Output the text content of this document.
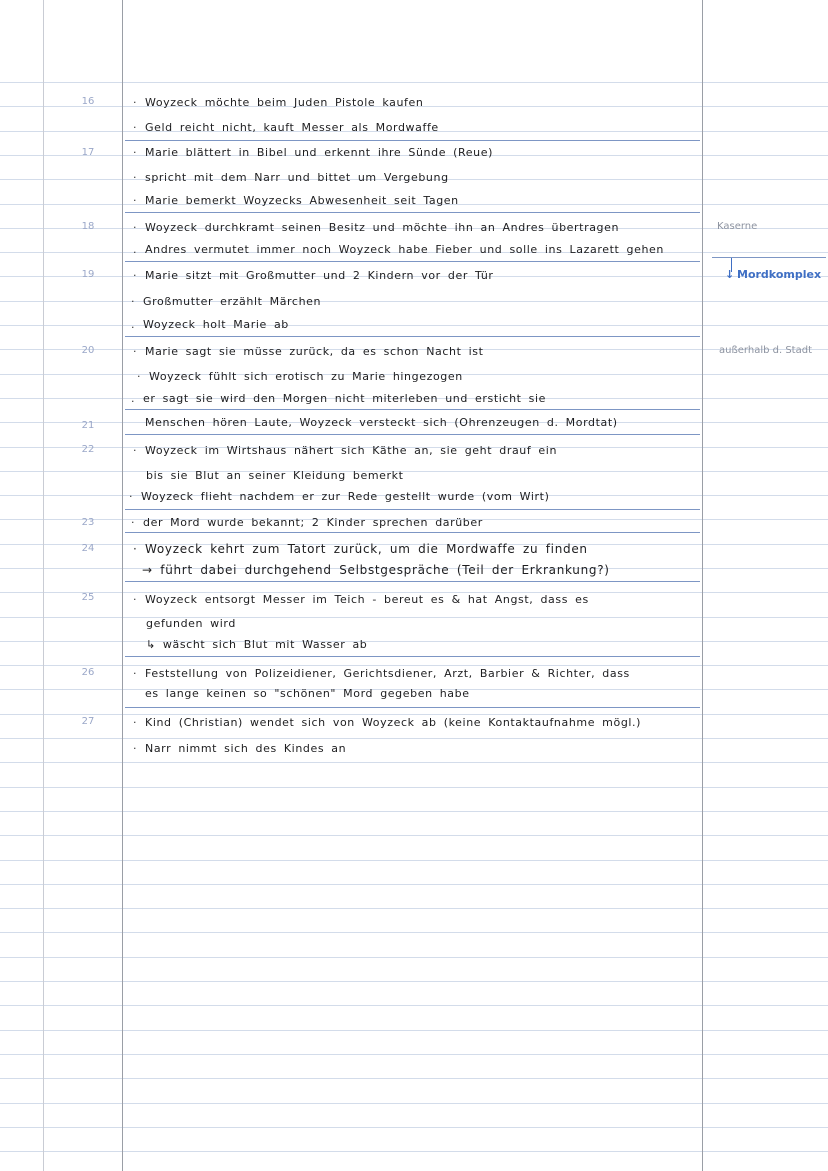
16
17
18
19
20
21
22
23
24
25
26
27
· Woyzeck möchte beim Juden Pistole kaufen
· Geld reicht nicht, kauft Messer als Mordwaffe
· Marie blättert in Bibel und erkennt ihre Sünde (Reue)
· spricht mit dem Narr und bittet um Vergebung
· Marie bemerkt Woyzecks Abwesenheit seit Tagen
· Woyzeck durchkramt seinen Besitz und möchte ihn an Andres übertragen
. Andres vermutet immer noch Woyzeck habe Fieber und solle ins Lazarett gehen
· Marie sitzt mit Großmutter und 2 Kindern vor der Tür
· Großmutter erzählt Märchen
. Woyzeck holt Marie ab
· Marie sagt sie müsse zurück, da es schon Nacht ist
· Woyzeck fühlt sich erotisch zu Marie hingezogen
. er sagt sie wird den Morgen nicht miterleben und ersticht sie
Menschen hören Laute, Woyzeck versteckt sich (Ohrenzeugen d. Mordtat)
· Woyzeck im Wirtshaus nähert sich Käthe an, sie geht drauf ein
bis sie Blut an seiner Kleidung bemerkt
· Woyzeck flieht nachdem er zur Rede gestellt wurde (vom Wirt)
· der Mord wurde bekannt; 2 Kinder sprechen darüber
· Woyzeck kehrt zum Tatort zurück, um die Mordwaffe zu finden
→ führt dabei durchgehend Selbstgespräche (Teil der Erkrankung?)
· Woyzeck entsorgt Messer im Teich - bereut es & hat Angst, dass es
gefunden wird
↳ wäscht sich Blut mit Wasser ab
· Feststellung von Polizeidiener, Gerichtsdiener, Arzt, Barbier & Richter, dass
es lange keinen so "schönen" Mord gegeben habe
· Kind (Christian) wendet sich von Woyzeck ab (keine Kontaktaufnahme mögl.)
· Narr nimmt sich des Kindes an
Kaserne
↓ Mordkomplex
außerhalb d. Stadt
